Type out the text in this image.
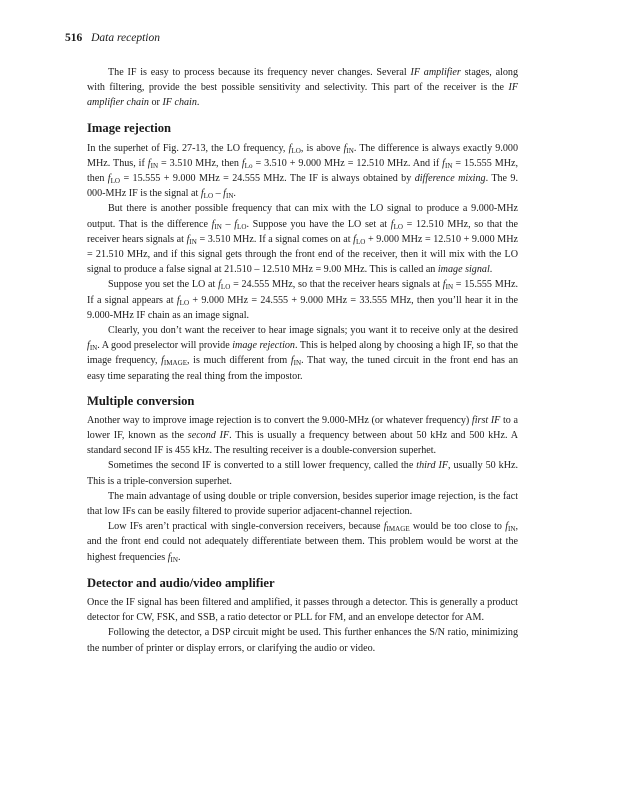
516 Data reception

The IF is easy to process because its frequency never changes. Several IF amplifier stages, along with filtering, provide the best possible sensitivity and selectivity. This part of the receiver is the IF amplifier chain or IF chain.

Image rejection

In the superhet of Fig. 27-13, the LO frequency, $f_{LO}$, is above $f_{IN}$. The difference is always exactly 9.000 MHz. Thus, if $f_{IN} = 3.510$ MHz, then $f_{Lo} = 3.510 + 9.000$ MHz = 12.510 MHz. And if $f_{IN} = 15.555$ MHz, then $f_{LO} = 15.555 + 9.000$ MHz = 24.555 MHz. The IF is always obtained by difference mixing. The 9. 000-MHz IF is the signal at $f_{LO} - f_{IN}$.

But there is another possible frequency that can mix with the LO signal to produce a 9.000-MHz output. That is the difference $f_{IN} - f_{LO}$. Suppose you have the LO set at $f_{LO} = 12.510$ MHz, so that the receiver hears signals at $f_{IN} = 3.510$ MHz. If a signal comes on at $f_{LO} + 9.000$ MHz = 12.510 + 9.000 MHz = 21.510 MHz, and if this signal gets through the front end of the receiver, then it will mix with the LO signal to produce a false signal at 21.510 – 12.510 MHz = 9.00 MHz. This is called an image signal.

Suppose you set the LO at $f_{LO} = 24.555$ MHz, so that the receiver hears signals at $f_{IN} = 15.555$ MHz. If a signal appears at $f_{LO} + 9.000$ MHz = 24.555 + 9.000 MHz = 33.555 MHz, then you’ll hear it in the 9.000-MHz IF chain as an image signal.

Clearly, you don’t want the receiver to hear image signals; you want it to receive only at the desired $f_{IN}$. A good preselector will provide image rejection. This is helped along by choosing a high IF, so that the image frequency, $f_{IMAGE}$, is much different from $f_{IN}$. That way, the tuned circuit in the front end has an easy time separating the real thing from the impostor.

Multiple conversion

Another way to improve image rejection is to convert the 9.000-MHz (or whatever frequency) first IF to a lower IF, known as the second IF. This is usually a frequency between about 50 kHz and 500 kHz. A standard second IF is 455 kHz. The resulting receiver is a double-conversion superhet.

Sometimes the second IF is converted to a still lower frequency, called the third IF, usually 50 kHz. This is a triple-conversion superhet.

The main advantage of using double or triple conversion, besides superior image rejection, is the fact that low IFs can be easily filtered to provide superior adjacent-channel rejection.

Low IFs aren’t practical with single-conversion receivers, because $f_{IMAGE}$ would be too close to $f_{IN}$, and the front end could not adequately differentiate between them. This problem would be worst at the highest frequencies $f_{IN}$.

Detector and audio/video amplifier

Once the IF signal has been filtered and amplified, it passes through a detector. This is generally a product detector for CW, FSK, and SSB, a ratio detector or PLL for FM, and an envelope detector for AM.

Following the detector, a DSP circuit might be used. This further enhances the S/N ratio, minimizing the number of printer or display errors, or clarifying the audio or video.
